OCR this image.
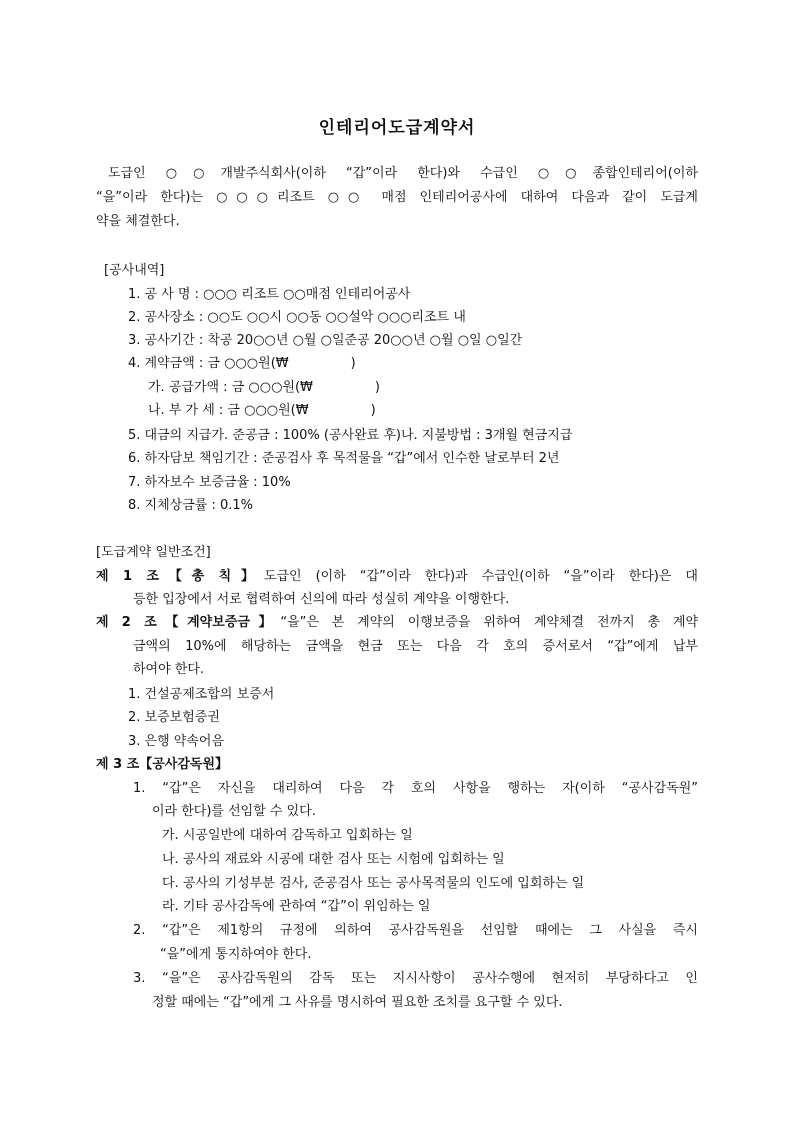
인테리어도급계약서
도급인 ○○개발주식회사(이하 “갑”이라 한다)와 수급인 ○○종합인테리어(이하
“을”이라 한다)는 ○○○리조트 ○○ 매점 인테리어공사에 대하여 다음과 같이 도급계
약을 체결한다.
[공사내역]
1. 공 사 명 : ○○○ 리조트 ○○매점 인테리어공사
2. 공사장소 : ○○도 ○○시 ○○동 ○○설악 ○○○리조트 내
3. 공사기간 : 착공 20○○년 ○월 ○일준공 20○○년 ○월 ○일 ○일간
4. 계약금액 : 금 ○○○원(₩               )
가. 공급가액 : 금 ○○○원(₩               )
나. 부 가 세 : 금 ○○○원(₩               )
5. 대금의 지급가. 준공금 : 100% (공사완료 후)나. 지불방법 : 3개월 현금지급
6. 하자담보 책임기간 : 준공검사 후 목적물을 “갑”에서 인수한 날로부터 2년
7. 하자보수 보증금율 : 10%
8. 지체상금률 : 0.1%
[도급계약 일반조건]
제 1 조【총 칙】도급인 (이하 “갑”이라 한다)과 수급인(이하 “을”이라 한다)은 대
등한 입장에서 서로 협력하여 신의에 따라 성실히 계약을 이행한다.
제 2 조【계약보증금】“을”은 본 계약의 이행보증을 위하여 계약체결 전까지 총 계약
금액의 10%에 해당하는 금액을 현금 또는 다음 각 호의 증서로서 “갑”에게 납부
하여야 한다.
1. 건설공제조합의 보증서
2. 보증보험증권
3. 은행 약속어음
제 3 조【공사감독원】
1. “갑”은 자신을 대리하여 다음 각 호의 사항을 행하는 자(이하 “공사감독원”
이라 한다)를 선임할 수 있다.
가. 시공일반에 대하여 감독하고 입회하는 일
나. 공사의 재료와 시공에 대한 검사 또는 시험에 입회하는 일
다. 공사의 기성부분 검사, 준공검사 또는 공사목적물의 인도에 입회하는 일
라. 기타 공사감독에 관하여 “갑”이 위임하는 일
2. “갑”은 제1항의 규정에 의하여 공사감독원을 선임할 때에는 그 사실을 즉시
“을”에게 통지하여야 한다.
3. “을”은 공사감독원의 감독 또는 지시사항이 공사수행에 현저히 부당하다고 인
정할 때에는 “갑”에게 그 사유를 명시하여 필요한 조치를 요구할 수 있다.
